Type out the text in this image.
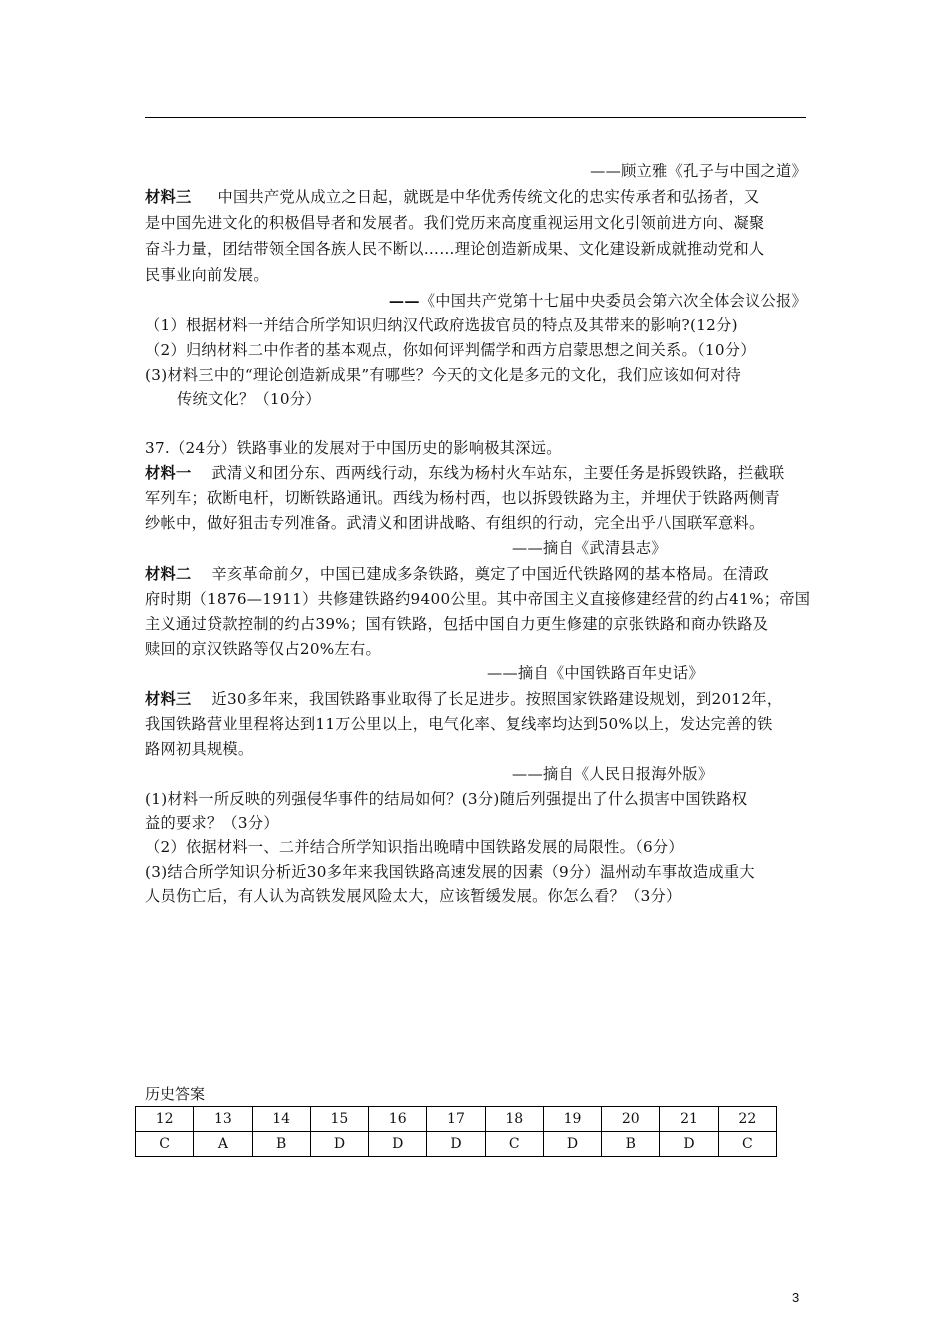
——顾立雅《孔子与中国之道》
材料三 中国共产党从成立之日起，就既是中华优秀传统文化的忠实传承者和弘扬者，又
是中国先进文化的积极倡导者和发展者。我们党历来高度重视运用文化引领前进方向、凝聚
奋斗力量，团结带领全国各族人民不断以……理论创造新成果、文化建设新成就推动党和人
民事业向前发展。
——《中国共产党第十七届中央委员会第六次全体会议公报》
（1）根据材料一并结合所学知识归纳汉代政府选拔官员的特点及其带来的影响?(12分)
（2）归纳材料二中作者的基本观点，你如何评判儒学和西方启蒙思想之间关系。（10分）
(3)材料三中的“理论创造新成果”有哪些？今天的文化是多元的文化，我们应该如何对待
传统文化？（10分）
37.（24分）铁路事业的发展对于中国历史的影响极其深远。
材料一 武清义和团分东、西两线行动，东线为杨村火车站东，主要任务是拆毁铁路，拦截联
军列车；砍断电杆，切断铁路通讯。西线为杨村西，也以拆毁铁路为主，并埋伏于铁路两侧青
纱帐中，做好狙击专列准备。武清义和团讲战略、有组织的行动，完全出乎八国联军意料。
——摘自《武清县志》
材料二 辛亥革命前夕，中国已建成多条铁路，奠定了中国近代铁路网的基本格局。在清政
府时期（1876—1911）共修建铁路约9400公里。其中帝国主义直接修建经营的约占41%；帝国
主义通过贷款控制的约占39%；国有铁路，包括中国自力更生修建的京张铁路和商办铁路及
赎回的京汉铁路等仅占20%左右。
——摘自《中国铁路百年史话》
材料三 近30多年来，我国铁路事业取得了长足进步。按照国家铁路建设规划，到2012年，
我国铁路营业里程将达到11万公里以上，电气化率、复线率均达到50%以上，发达完善的铁
路网初具规模。
——摘自《人民日报海外版》
(1)材料一所反映的列强侵华事件的结局如何？(3分)随后列强提出了什么损害中国铁路权
益的要求？（3分）
（2）依据材料一、二并结合所学知识指出晚晴中国铁路发展的局限性。（6分）
(3)结合所学知识分析近30多年来我国铁路高速发展的因素（9分）温州动车事故造成重大
人员伤亡后，有人认为高铁发展风险太大，应该暂缓发展。你怎么看？（3分）
历史答案
12	13	14	15	16	17	18	19	20	21	22
C	A	B	D	D	D	C	D	B	D	C
3
